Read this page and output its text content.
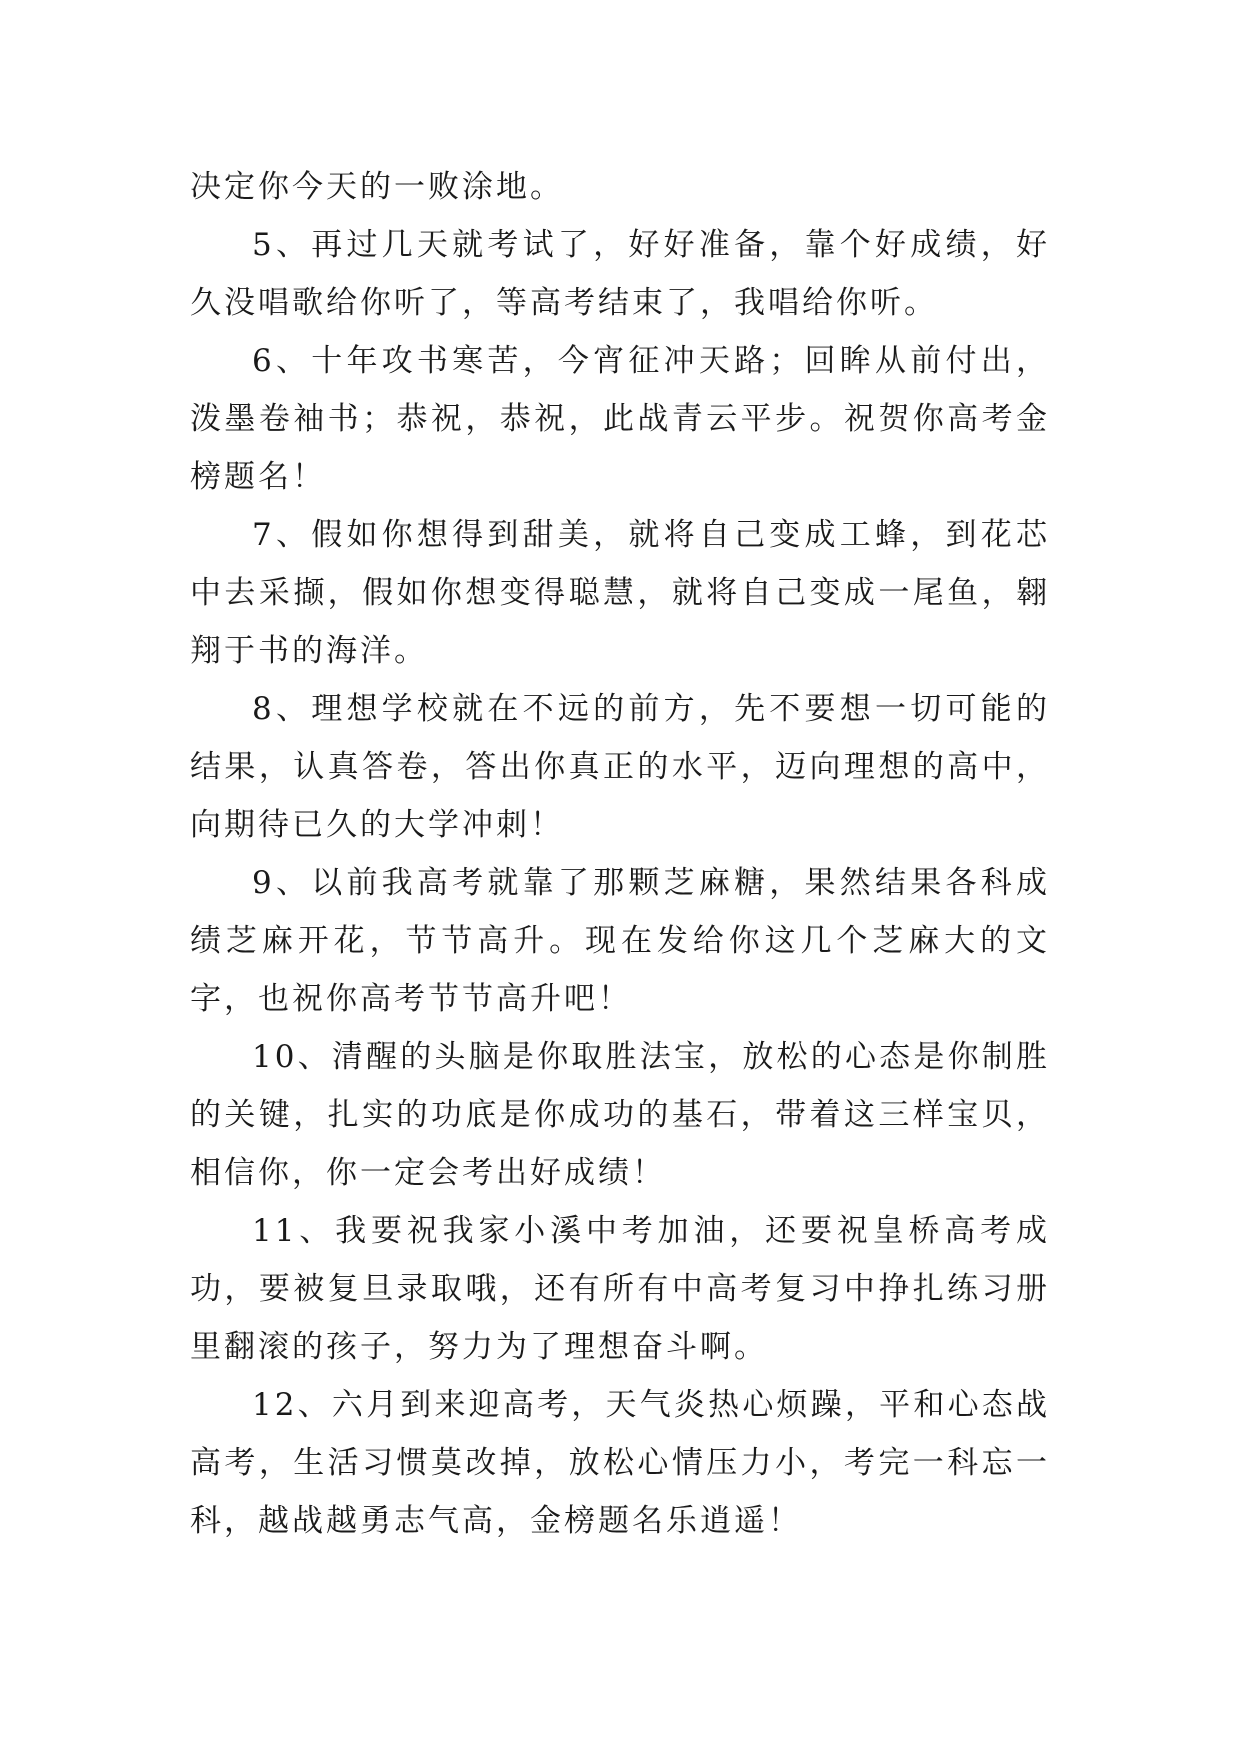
决定你今天的一败涂地。

5、再过几天就考试了，好好准备，靠个好成绩，好久没唱歌给你听了，等高考结束了，我唱给你听。

6、十年攻书寒苦，今宵征冲天路；回眸从前付出，泼墨卷袖书；恭祝，恭祝，此战青云平步。祝贺你高考金榜题名！

7、假如你想得到甜美，就将自己变成工蜂，到花芯中去采撷，假如你想变得聪慧，就将自己变成一尾鱼，翱翔于书的海洋。

8、理想学校就在不远的前方，先不要想一切可能的结果，认真答卷，答出你真正的水平，迈向理想的高中，向期待已久的大学冲刺！

9、以前我高考就靠了那颗芝麻糖，果然结果各科成绩芝麻开花，节节高升。现在发给你这几个芝麻大的文字，也祝你高考节节高升吧！

10、清醒的头脑是你取胜法宝，放松的心态是你制胜的关键，扎实的功底是你成功的基石，带着这三样宝贝，相信你，你一定会考出好成绩！

11、我要祝我家小溪中考加油，还要祝皇桥高考成功，要被复旦录取哦，还有所有中高考复习中挣扎练习册里翻滚的孩子，努力为了理想奋斗啊。

12、六月到来迎高考，天气炎热心烦躁，平和心态战高考，生活习惯莫改掉，放松心情压力小，考完一科忘一科，越战越勇志气高，金榜题名乐逍遥！
